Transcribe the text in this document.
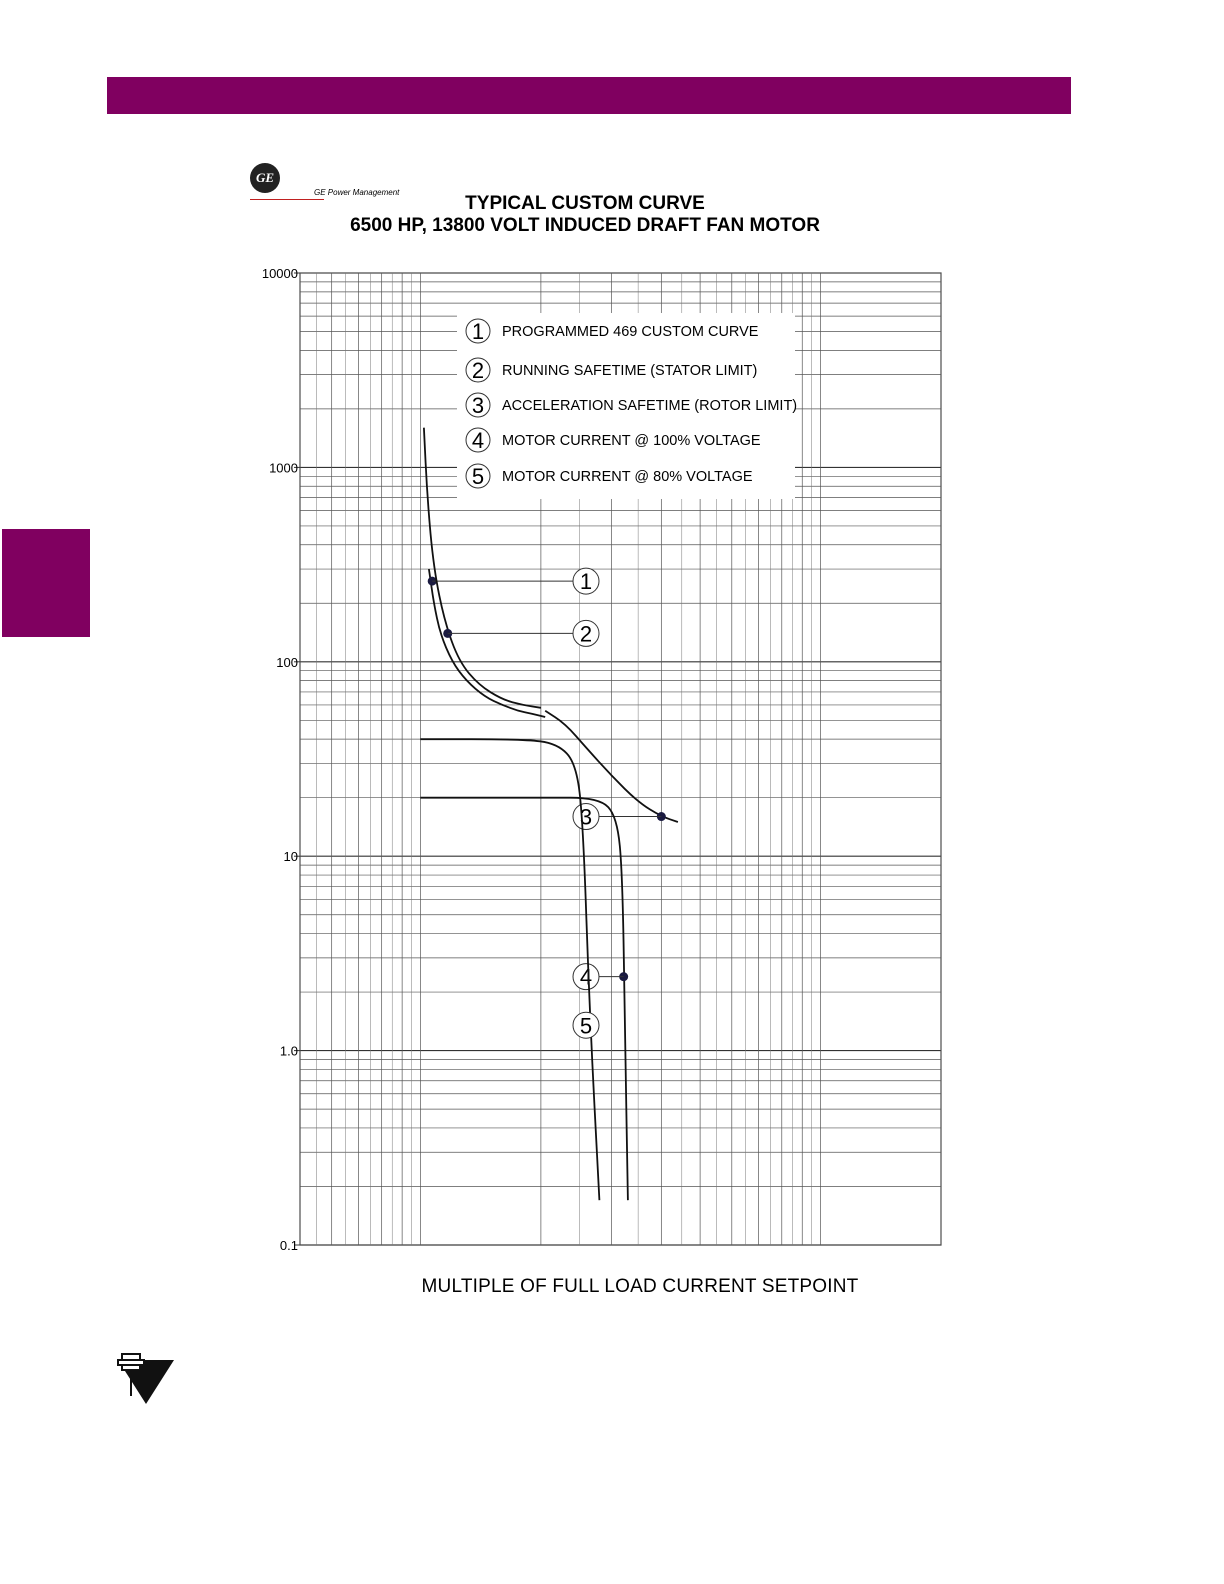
GE
GE Power Management
TYPICAL CUSTOM CURVE
6500 HP, 13800 VOLT INDUCED DRAFT FAN MOTOR
10000
1000
100
10
1.0
0.1
1 PROGRAMMED 469 CUSTOM CURVE
2 RUNNING SAFETIME (STATOR LIMIT)
3 ACCELERATION SAFETIME (ROTOR LIMIT)
4 MOTOR CURRENT @ 100% VOLTAGE
5 MOTOR CURRENT @ 80% VOLTAGE
1
2
3
4
5
MULTIPLE OF FULL LOAD CURRENT SETPOINT
